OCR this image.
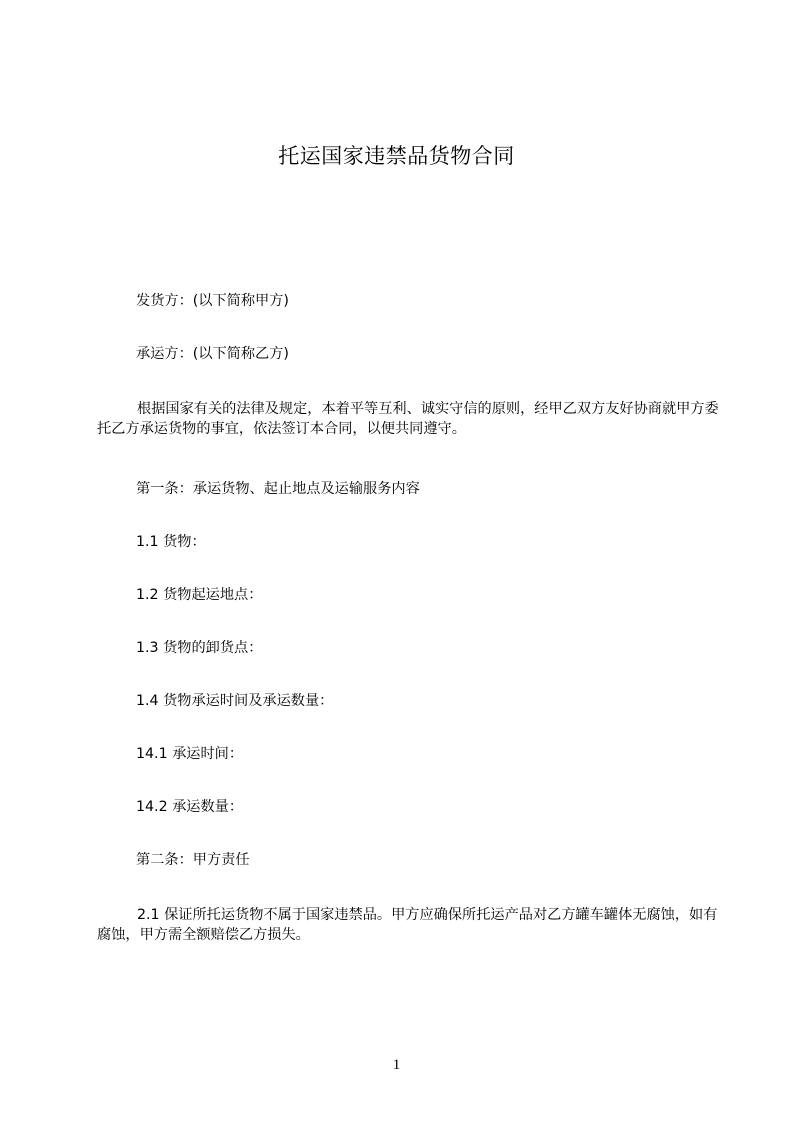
托运国家违禁品货物合同
发货方：(以下简称甲方)
承运方：(以下简称乙方)
根据国家有关的法律及规定，本着平等互利、诚实守信的原则，经甲乙双方友好协商就甲方委托乙方承运货物的事宜，依法签订本合同，以便共同遵守。
第一条：承运货物、起止地点及运输服务内容
1.1 货物：
1.2 货物起运地点：
1.3 货物的卸货点：
1.4 货物承运时间及承运数量：
14.1 承运时间：
14.2 承运数量：
第二条：甲方责任
2.1 保证所托运货物不属于国家违禁品。甲方应确保所托运产品对乙方罐车罐体无腐蚀，如有腐蚀，甲方需全额赔偿乙方损失。
1
